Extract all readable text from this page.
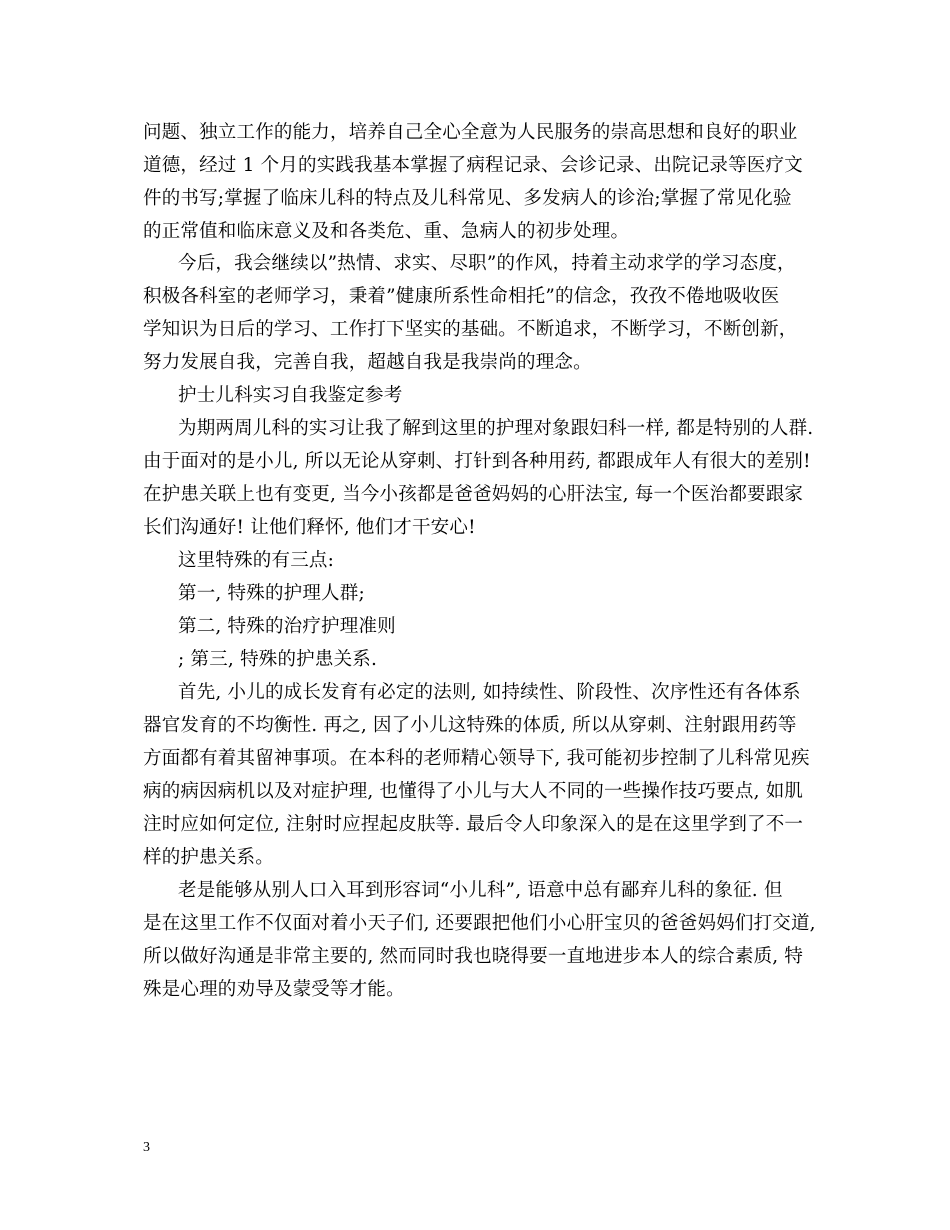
问题、独立工作的能力，培养自己全心全意为人民服务的崇高思想和良好的职业
道德，经过 1 个月的实践我基本掌握了病程记录、会诊记录、出院记录等医疗文
件的书写;掌握了临床儿科的特点及儿科常见、多发病人的诊治;掌握了常见化验
的正常值和临床意义及和各类危、重、急病人的初步处理。
今后，我会继续以”热情、求实、尽职”的作风，持着主动求学的学习态度，
积极各科室的老师学习，秉着”健康所系性命相托”的信念，孜孜不倦地吸收医
学知识为日后的学习、工作打下坚实的基础。不断追求，不断学习，不断创新，
努力发展自我，完善自我，超越自我是我崇尚的理念。
护士儿科实习自我鉴定参考
为期两周儿科的实习让我了解到这里的护理对象跟妇科一样, 都是特别的人群.
由于面对的是小儿, 所以无论从穿刺、打针到各种用药, 都跟成年人有很大的差别!
在护患关联上也有变更, 当今小孩都是爸爸妈妈的心肝法宝, 每一个医治都要跟家
长们沟通好! 让他们释怀, 他们才干安心!
这里特殊的有三点:
第一, 特殊的护理人群;
第二, 特殊的治疗护理准则
; 第三, 特殊的护患关系.
首先, 小儿的成长发育有必定的法则, 如持续性、阶段性、次序性还有各体系
器官发育的不均衡性. 再之, 因了小儿这特殊的体质, 所以从穿刺、注射跟用药等
方面都有着其留神事项。在本科的老师精心领导下, 我可能初步控制了儿科常见疾
病的病因病机以及对症护理, 也懂得了小儿与大人不同的一些操作技巧要点, 如肌
注时应如何定位, 注射时应捏起皮肤等. 最后令人印象深入的是在这里学到了不一
样的护患关系。
老是能够从别人口入耳到形容词“小儿科”, 语意中总有鄙弃儿科的象征. 但
是在这里工作不仅面对着小天子们, 还要跟把他们小心肝宝贝的爸爸妈妈们打交道,
所以做好沟通是非常主要的, 然而同时我也晓得要一直地进步本人的综合素质, 特
殊是心理的劝导及蒙受等才能。
3
